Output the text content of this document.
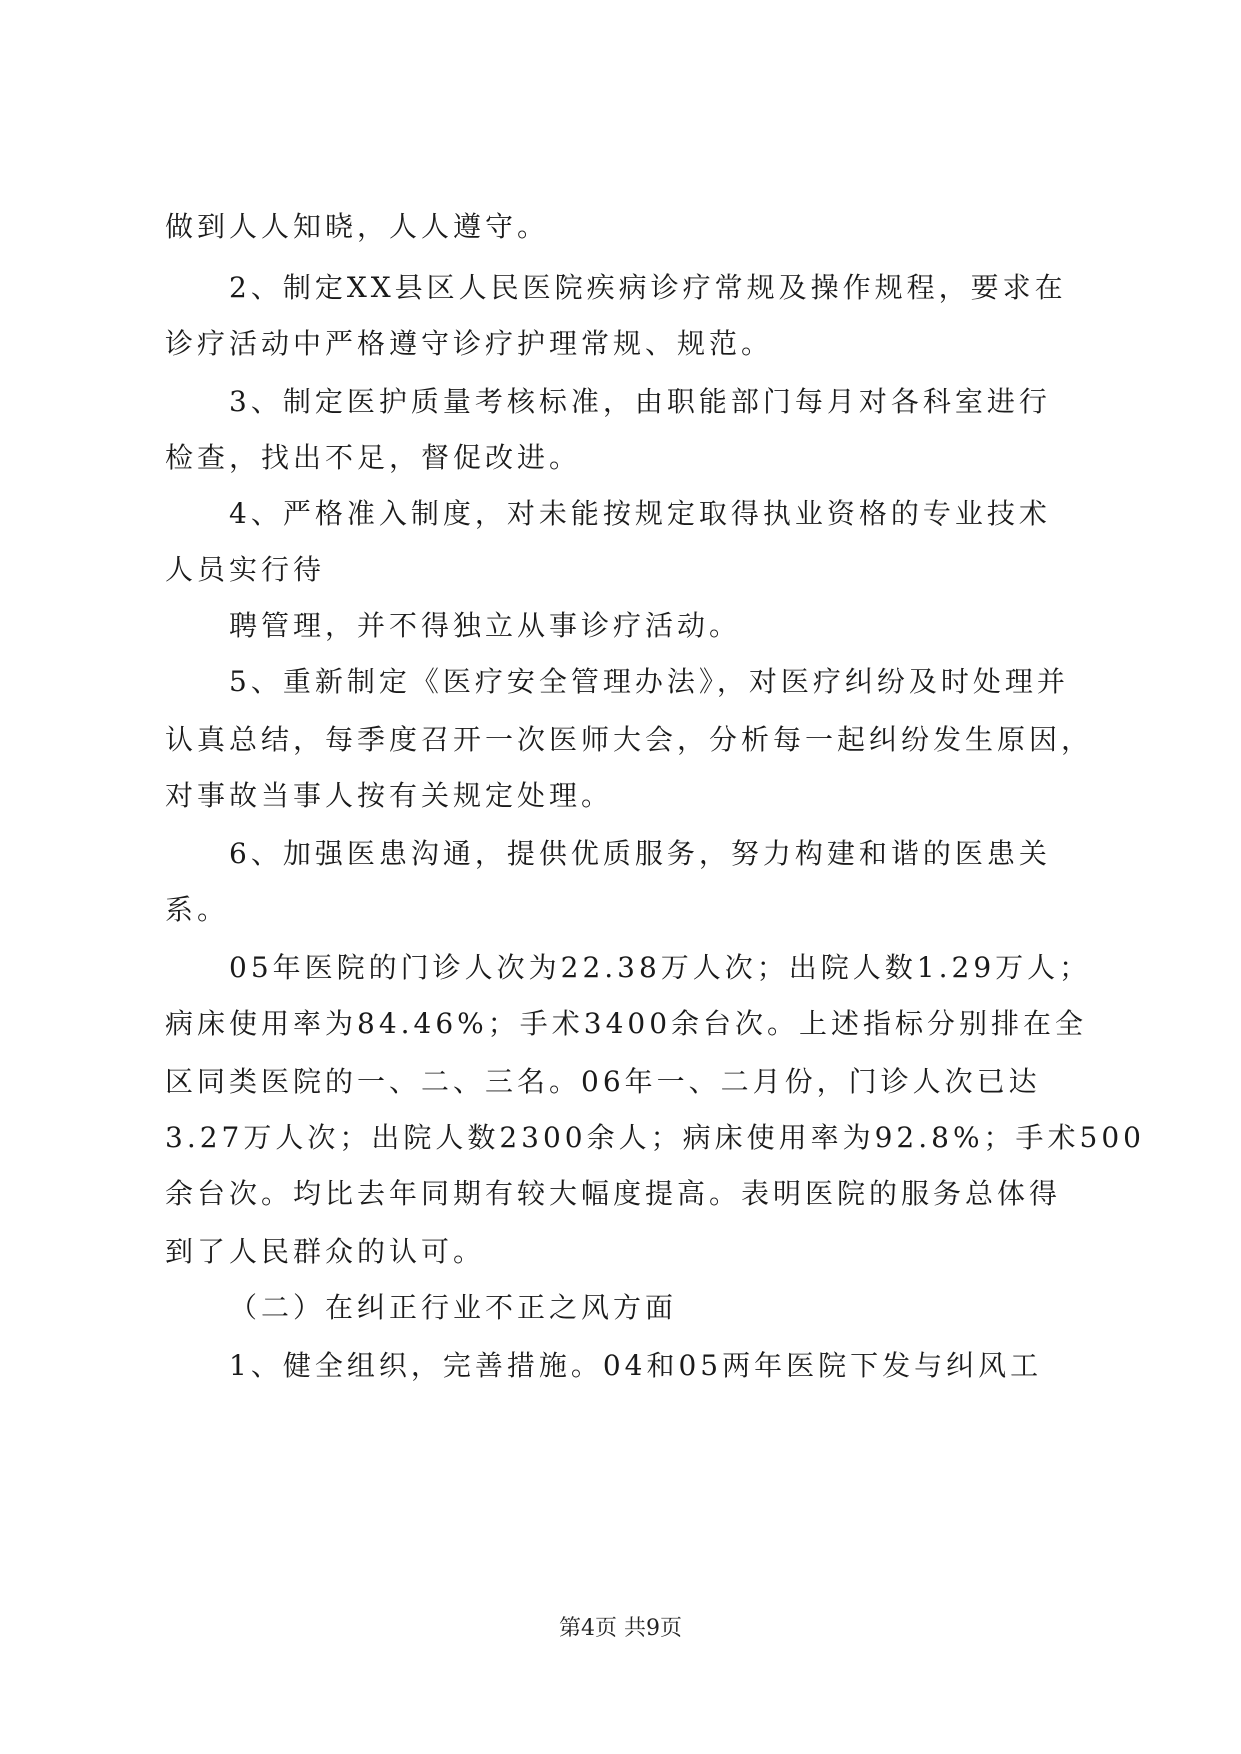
做到人人知晓，人人遵守。
2、制定XX县区人民医院疾病诊疗常规及操作规程，要求在
诊疗活动中严格遵守诊疗护理常规、规范。
3、制定医护质量考核标准，由职能部门每月对各科室进行
检查，找出不足，督促改进。
4、严格准入制度，对未能按规定取得执业资格的专业技术
人员实行待
聘管理，并不得独立从事诊疗活动。
5、重新制定《医疗安全管理办法》，对医疗纠纷及时处理并
认真总结，每季度召开一次医师大会，分析每一起纠纷发生原因，
对事故当事人按有关规定处理。
6、加强医患沟通，提供优质服务，努力构建和谐的医患关
系。
05年医院的门诊人次为22.38万人次；出院人数1.29万人；
病床使用率为84.46%；手术3400余台次。上述指标分别排在全
区同类医院的一、二、三名。06年一、二月份，门诊人次已达
3.27万人次；出院人数2300余人；病床使用率为92.8%；手术500
余台次。均比去年同期有较大幅度提高。表明医院的服务总体得
到了人民群众的认可。
（二）在纠正行业不正之风方面
1、健全组织，完善措施。04和05两年医院下发与纠风工
第4页 共9页
